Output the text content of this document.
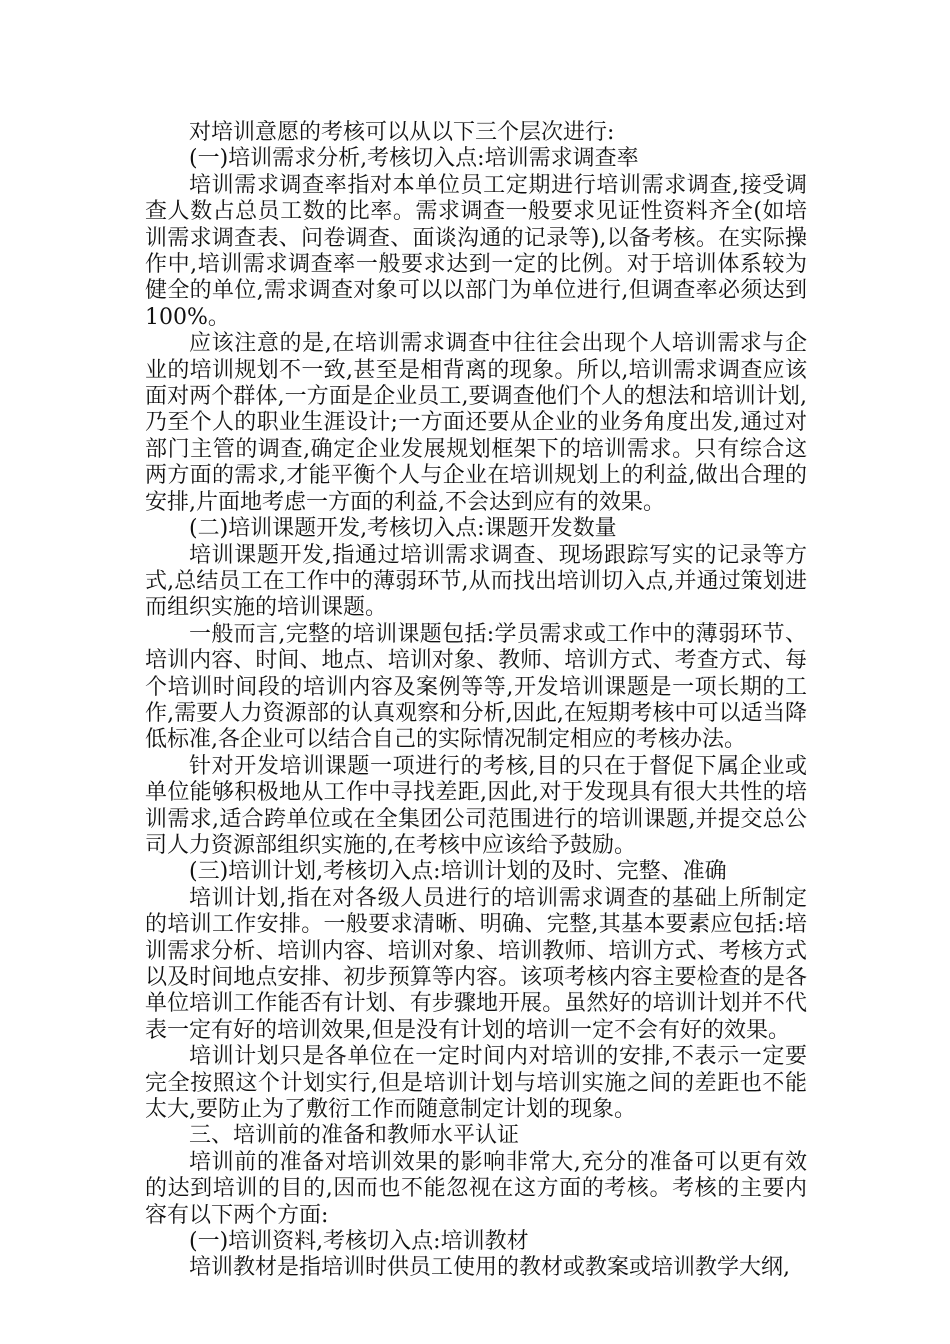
对培训意愿的考核可以从以下三个层次进行:

(一)培训需求分析,考核切入点:培训需求调查率

培训需求调查率指对本单位员工定期进行培训需求调查,接受调查人数占总员工数的比率。需求调查一般要求见证性资料齐全(如培训需求调查表、问卷调查、面谈沟通的记录等),以备考核。在实际操作中,培训需求调查率一般要求达到一定的比例。对于培训体系较为健全的单位,需求调查对象可以以部门为单位进行,但调查率必须达到100%。

应该注意的是,在培训需求调查中往往会出现个人培训需求与企业的培训规划不一致,甚至是相背离的现象。所以,培训需求调查应该面对两个群体,一方面是企业员工,要调查他们个人的想法和培训计划,乃至个人的职业生涯设计;一方面还要从企业的业务角度出发,通过对部门主管的调查,确定企业发展规划框架下的培训需求。只有综合这两方面的需求,才能平衡个人与企业在培训规划上的利益,做出合理的安排,片面地考虑一方面的利益,不会达到应有的效果。

(二)培训课题开发,考核切入点:课题开发数量

培训课题开发,指通过培训需求调查、现场跟踪写实的记录等方式,总结员工在工作中的薄弱环节,从而找出培训切入点,并通过策划进而组织实施的培训课题。

一般而言,完整的培训课题包括:学员需求或工作中的薄弱环节、培训内容、时间、地点、培训对象、教师、培训方式、考查方式、每个培训时间段的培训内容及案例等等,开发培训课题是一项长期的工作,需要人力资源部的认真观察和分析,因此,在短期考核中可以适当降低标准,各企业可以结合自己的实际情况制定相应的考核办法。

针对开发培训课题一项进行的考核,目的只在于督促下属企业或单位能够积极地从工作中寻找差距,因此,对于发现具有很大共性的培训需求,适合跨单位或在全集团公司范围进行的培训课题,并提交总公司人力资源部组织实施的,在考核中应该给予鼓励。

(三)培训计划,考核切入点:培训计划的及时、完整、准确

培训计划,指在对各级人员进行的培训需求调查的基础上所制定的培训工作安排。一般要求清晰、明确、完整,其基本要素应包括:培训需求分析、培训内容、培训对象、培训教师、培训方式、考核方式以及时间地点安排、初步预算等内容。该项考核内容主要检查的是各单位培训工作能否有计划、有步骤地开展。虽然好的培训计划并不代表一定有好的培训效果,但是没有计划的培训一定不会有好的效果。

培训计划只是各单位在一定时间内对培训的安排,不表示一定要完全按照这个计划实行,但是培训计划与培训实施之间的差距也不能太大,要防止为了敷衍工作而随意制定计划的现象。

三、培训前的准备和教师水平认证

培训前的准备对培训效果的影响非常大,充分的准备可以更有效的达到培训的目的,因而也不能忽视在这方面的考核。考核的主要内容有以下两个方面:

(一)培训资料,考核切入点:培训教材

培训教材是指培训时供员工使用的教材或教案或培训教学大纲,
